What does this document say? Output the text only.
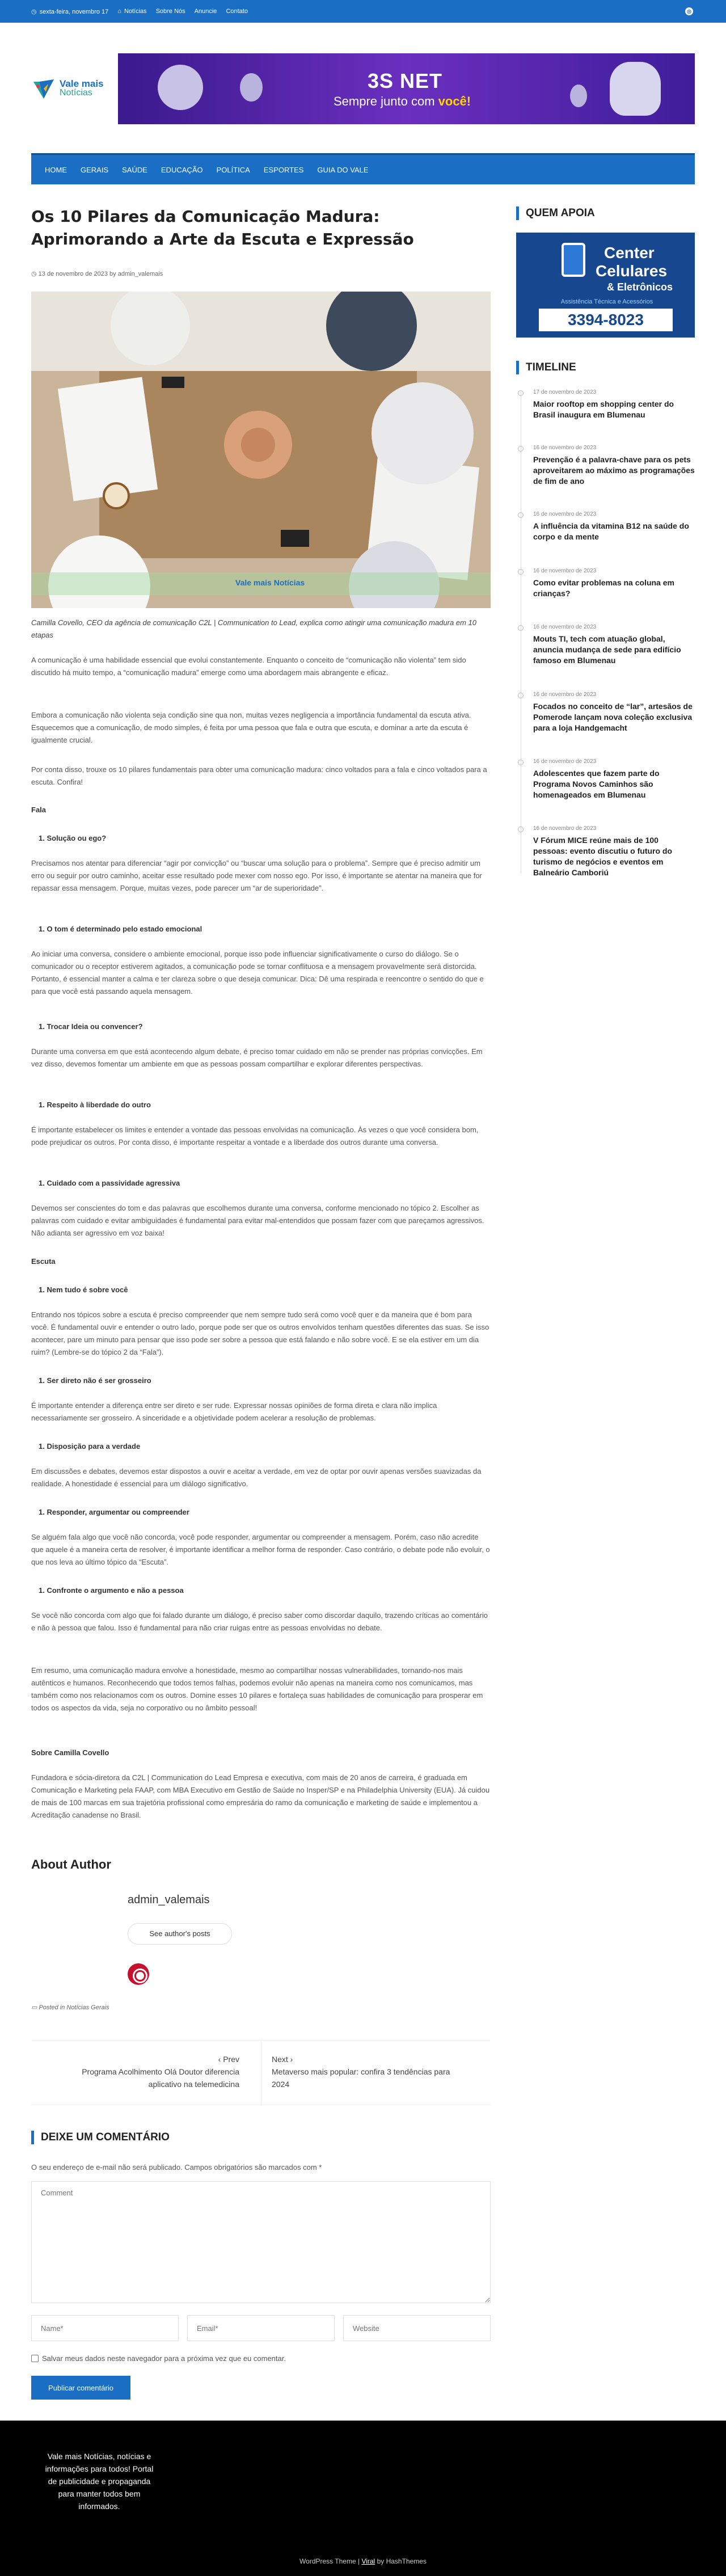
◷ sexta-feira, novembro 17 ⌂ Notícias Sobre Nós Anuncie Contato	◎
Vale mais
Notícias
3S NET
Sempre junto com você!
HOME	GERAIS	SAÚDE	EDUCAÇÃO	POLÍTICA	ESPORTES	GUIA DO VALE
Os 10 Pilares da Comunicação Madura: Aprimorando a Arte da Escuta e Expressão
◷ 13 de novembro de 2023 by admin_valemais
Vale mais Notícias

Camilla Covello, CEO da agência de comunicação C2L | Communication to Lead, explica como atingir uma comunicação madura em 10 etapas

A comunicação é uma habilidade essencial que evolui constantemente. Enquanto o conceito de “comunicação não violenta” tem sido discutido há muito tempo, a “comunicação madura” emerge como uma abordagem mais abrangente e eficaz.

Embora a comunicação não violenta seja condição sine qua non, muitas vezes negligencia a importância fundamental da escuta ativa. Esquecemos que a comunicação, de modo simples, é feita por uma pessoa que fala e outra que escuta, e dominar a arte da escuta é igualmente crucial.

Por conta disso, trouxe os 10 pilares fundamentais para obter uma comunicação madura: cinco voltados para a fala e cinco voltados para a escuta. Confira!

Fala
1. Solução ou ego?

Precisamos nos atentar para diferenciar “agir por convicção” ou “buscar uma solução para o problema”. Sempre que é preciso admitir um erro ou seguir por outro caminho, aceitar esse resultado pode mexer com nosso ego. Por isso, é importante se atentar na maneira que for repassar essa mensagem. Porque, muitas vezes, pode parecer um “ar de superioridade”.

1. O tom é determinado pelo estado emocional

Ao iniciar uma conversa, considere o ambiente emocional, porque isso pode influenciar significativamente o curso do diálogo. Se o comunicador ou o receptor estiverem agitados, a comunicação pode se tornar conflituosa e a mensagem provavelmente será distorcida. Portanto, é essencial manter a calma e ter clareza sobre o que deseja comunicar. Dica: Dê uma respirada e reencontre o sentido do que e para que você está passando aquela mensagem.

1. Trocar Ideia ou convencer?

Durante uma conversa em que está acontecendo algum debate, é preciso tomar cuidado em não se prender nas próprias convicções. Em vez disso, devemos fomentar um ambiente em que as pessoas possam compartilhar e explorar diferentes perspectivas.

1. Respeito à liberdade do outro

É importante estabelecer os limites e entender a vontade das pessoas envolvidas na comunicação. Às vezes o que você considera bom, pode prejudicar os outros. Por conta disso, é importante respeitar a vontade e a liberdade dos outros durante uma conversa.

1. Cuidado com a passividade agressiva

Devemos ser conscientes do tom e das palavras que escolhemos durante uma conversa, conforme mencionado no tópico 2. Escolher as palavras com cuidado e evitar ambiguidades é fundamental para evitar mal-entendidos que possam fazer com que pareçamos agressivos. Não adianta ser agressivo em voz baixa!

Escuta
1. Nem tudo é sobre você

Entrando nos tópicos sobre a escuta é preciso compreender que nem sempre tudo será como você quer e da maneira que é bom para você. É fundamental ouvir e entender o outro lado, porque pode ser que os outros envolvidos tenham questões diferentes das suas. Se isso acontecer, pare um minuto para pensar que isso pode ser sobre a pessoa que está falando e não sobre você. E se ela estiver em um dia ruim? (Lembre-se do tópico 2 da “Fala”).

1. Ser direto não é ser grosseiro

É importante entender a diferença entre ser direto e ser rude. Expressar nossas opiniões de forma direta e clara não implica necessariamente ser grosseiro. A sinceridade e a objetividade podem acelerar a resolução de problemas.

1. Disposição para a verdade

Em discussões e debates, devemos estar dispostos a ouvir e aceitar a verdade, em vez de optar por ouvir apenas versões suavizadas da realidade. A honestidade é essencial para um diálogo significativo.

1. Responder, argumentar ou compreender

Se alguém fala algo que você não concorda, você pode responder, argumentar ou compreender a mensagem. Porém, caso não acredite que aquele é a maneira certa de resolver, é importante identificar a melhor forma de responder. Caso contrário, o debate pode não evoluir, o que nos leva ao último tópico da “Escuta”.

1. Confronte o argumento e não a pessoa

Se você não concorda com algo que foi falado durante um diálogo, é preciso saber como discordar daquilo, trazendo críticas ao comentário e não à pessoa que falou. Isso é fundamental para não criar ruigas entre as pessoas envolvidas no debate.

Em resumo, uma comunicação madura envolve a honestidade, mesmo ao compartilhar nossas vulnerabilidades, tornando-nos mais autênticos e humanos. Reconhecendo que todos temos falhas, podemos evoluir não apenas na maneira como nos comunicamos, mas também como nos relacionamos com os outros. Domine esses 10 pilares e fortaleça suas habilidades de comunicação para prosperar em todos os aspectos da vida, seja no corporativo ou no âmbito pessoal!

Sobre Camilla Covello

Fundadora e sócia-diretora da C2L | Communication do Lead Empresa e executiva, com mais de 20 anos de carreira, é graduada em Comunicação e Marketing pela FAAP, com MBA Executivo em Gestão de Saúde no Insper/SP e na Philadelphia University (EUA). Já cuidou de mais de 100 marcas em sua trajetória profissional como empresária do ramo da comunicação e marketing de saúde e implementou a Acreditação canadense no Brasil.

About Author
admin_valemais
See author's posts
▭ Posted in Notícias Gerais
‹ Prev
Programa Acolhimento Olá Doutor diferencia aplicativo na telemedicina
Next ›
Metaverso mais popular: confira 3 tendências para 2024
DEIXE UM COMENTÁRIO
O seu endereço de e-mail não será publicado. Campos obrigatórios são marcados com *
Comment
Name*
Email*
Website
Salvar meus dados neste navegador para a próxima vez que eu comentar.
Publicar comentário
QUEM APOIA
Center
Celulares
& Eletrônicos
Assistência Técnica e Acessórios
3394-8023
TIMELINE
17 de novembro de 2023
Maior rooftop em shopping center do Brasil inaugura em Blumenau
16 de novembro de 2023
Prevenção é a palavra-chave para os pets aproveitarem ao máximo as programações de fim de ano
16 de novembro de 2023
A influência da vitamina B12 na saúde do corpo e da mente
16 de novembro de 2023
Como evitar problemas na coluna em crianças?
16 de novembro de 2023
Mouts TI, tech com atuação global, anuncia mudança de sede para edifício famoso em Blumenau
16 de novembro de 2023
Focados no conceito de “lar”, artesãos de Pomerode lançam nova coleção exclusiva para a loja Handgemacht
16 de novembro de 2023
Adolescentes que fazem parte do Programa Novos Caminhos são homenageados em Blumenau
16 de novembro de 2023
V Fórum MICE reúne mais de 100 pessoas: evento discutiu o futuro do turismo de negócios e eventos em Balneário Camboriú
Vale mais Notícias, notícias e informações para todos! Portal de publicidade e propaganda para manter todos bem informados.
WordPress Theme | Viral by HashThemes
